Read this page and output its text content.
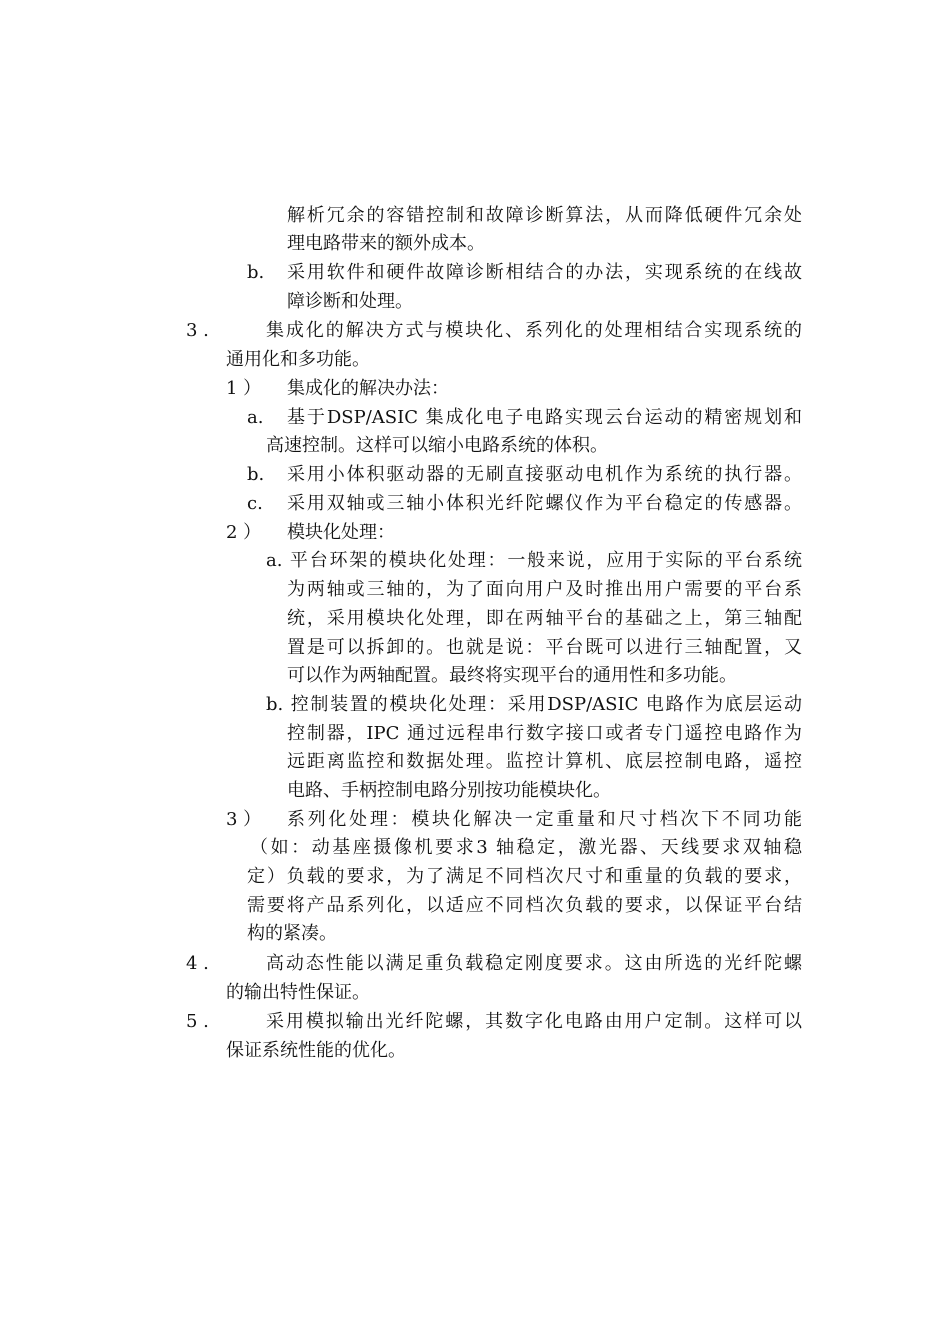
解析冗余的容错控制和故障诊断算法，从而降低硬件冗余处
理电路带来的额外成本。
b. 采用软件和硬件故障诊断相结合的办法，实现系统的在线故
障诊断和处理。
3 .	集成化的解决方式与模块化、系列化的处理相结合实现系统的
通用化和多功能。
1 ） 集成化的解决办法：
a. 基于DSP/ASIC 集成化电子电路实现云台运动的精密规划和
高速控制。这样可以缩小电路系统的体积。
b. 采用小体积驱动器的无刷直接驱动电机作为系统的执行器。
c. 采用双轴或三轴小体积光纤陀螺仪作为平台稳定的传感器。
2 ） 模块化处理：
a. 平台环架的模块化处理：一般来说，应用于实际的平台系统
为两轴或三轴的，为了面向用户及时推出用户需要的平台系
统，采用模块化处理，即在两轴平台的基础之上，第三轴配
置是可以拆卸的。也就是说：平台既可以进行三轴配置，又
可以作为两轴配置。最终将实现平台的通用性和多功能。
b. 控制装置的模块化处理：采用DSP/ASIC 电路作为底层运动
控制器，IPC 通过远程串行数字接口或者专门遥控电路作为
远距离监控和数据处理。监控计算机、底层控制电路，遥控
电路、手柄控制电路分别按功能模块化。
3 ） 系列化处理：模块化解决一定重量和尺寸档次下不同功能
（如：动基座摄像机要求3 轴稳定，激光器、天线要求双轴稳
定）负载的要求，为了满足不同档次尺寸和重量的负载的要求，
需要将产品系列化，以适应不同档次负载的要求，以保证平台结
构的紧凑。
4 .	高动态性能以满足重负载稳定刚度要求。这由所选的光纤陀螺
的输出特性保证。
5 .	采用模拟输出光纤陀螺，其数字化电路由用户定制。这样可以
保证系统性能的优化。
